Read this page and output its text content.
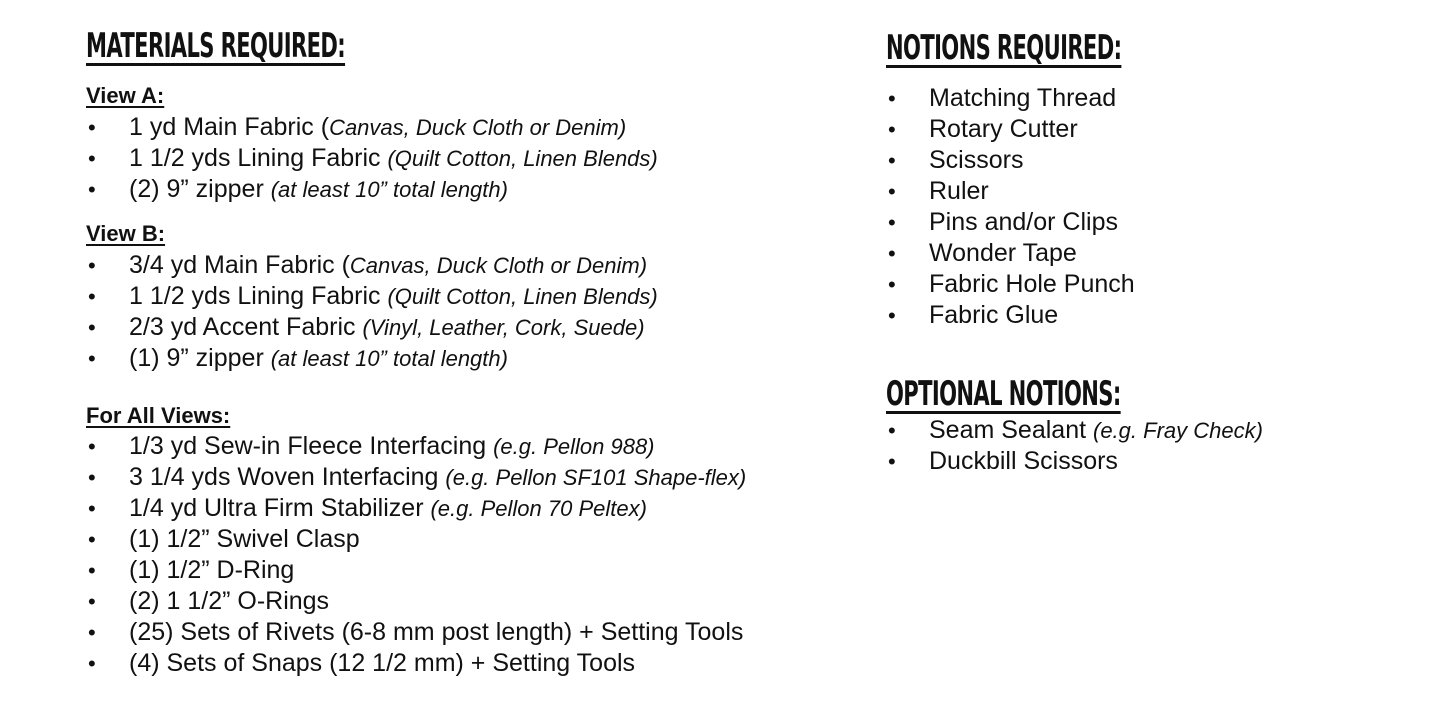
MATERIALS REQUIRED:
View A:
• 1 yd Main Fabric (Canvas, Duck Cloth or Denim)
• 1 1/2 yds Lining Fabric (Quilt Cotton, Linen Blends)
• (2) 9” zipper (at least 10” total length)
View B:
• 3/4 yd Main Fabric (Canvas, Duck Cloth or Denim)
• 1 1/2 yds Lining Fabric (Quilt Cotton, Linen Blends)
• 2/3 yd Accent Fabric (Vinyl, Leather, Cork, Suede)
• (1) 9” zipper (at least 10” total length)
For All Views:
• 1/3 yd Sew-in Fleece Interfacing (e.g. Pellon 988)
• 3 1/4 yds Woven Interfacing (e.g. Pellon SF101 Shape-flex)
• 1/4 yd Ultra Firm Stabilizer (e.g. Pellon 70 Peltex)
• (1) 1/2” Swivel Clasp
• (1) 1/2” D-Ring
• (2) 1 1/2” O-Rings
• (25) Sets of Rivets (6-8 mm post length) + Setting Tools
• (4) Sets of Snaps (12 1/2 mm) + Setting Tools
NOTIONS REQUIRED:
• Matching Thread
• Rotary Cutter
• Scissors
• Ruler
• Pins and/or Clips
• Wonder Tape
• Fabric Hole Punch
• Fabric Glue
OPTIONAL NOTIONS:
• Seam Sealant (e.g. Fray Check)
• Duckbill Scissors
